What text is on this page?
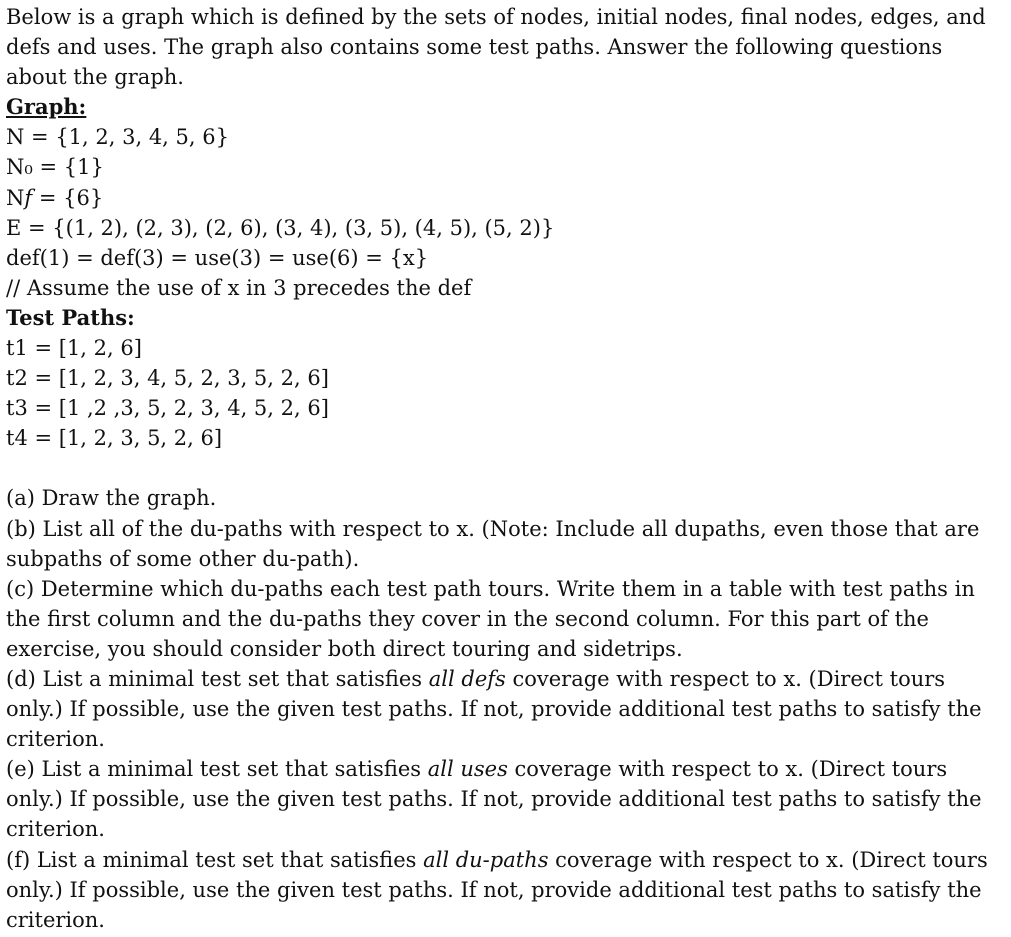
Below is a graph which is defined by the sets of nodes, initial nodes, final nodes, edges, and defs and uses. The graph also contains some test paths. Answer the following questions about the graph.
Graph:
N = {1, 2, 3, 4, 5, 6}
N₀ = {1}
N𝑓 = {6}
E = {(1, 2), (2, 3), (2, 6), (3, 4), (3, 5), (4, 5), (5, 2)}
def(1) = def(3) = use(3) = use(6) = {x}
// Assume the use of x in 3 precedes the def
Test Paths:
t1 = [1, 2, 6]
t2 = [1, 2, 3, 4, 5, 2, 3, 5, 2, 6]
t3 = [1 ,2 ,3, 5, 2, 3, 4, 5, 2, 6]
t4 = [1, 2, 3, 5, 2, 6]
(a) Draw the graph.
(b) List all of the du-paths with respect to x. (Note: Include all dupaths, even those that are subpaths of some other du-path).
(c) Determine which du-paths each test path tours. Write them in a table with test paths in the first column and the du-paths they cover in the second column. For this part of the exercise, you should consider both direct touring and sidetrips.
(d) List a minimal test set that satisfies all defs coverage with respect to x. (Direct tours only.) If possible, use the given test paths. If not, provide additional test paths to satisfy the criterion.
(e) List a minimal test set that satisfies all uses coverage with respect to x. (Direct tours only.) If possible, use the given test paths. If not, provide additional test paths to satisfy the criterion.
(f) List a minimal test set that satisfies all du-paths coverage with respect to x. (Direct tours only.) If possible, use the given test paths. If not, provide additional test paths to satisfy the criterion.
